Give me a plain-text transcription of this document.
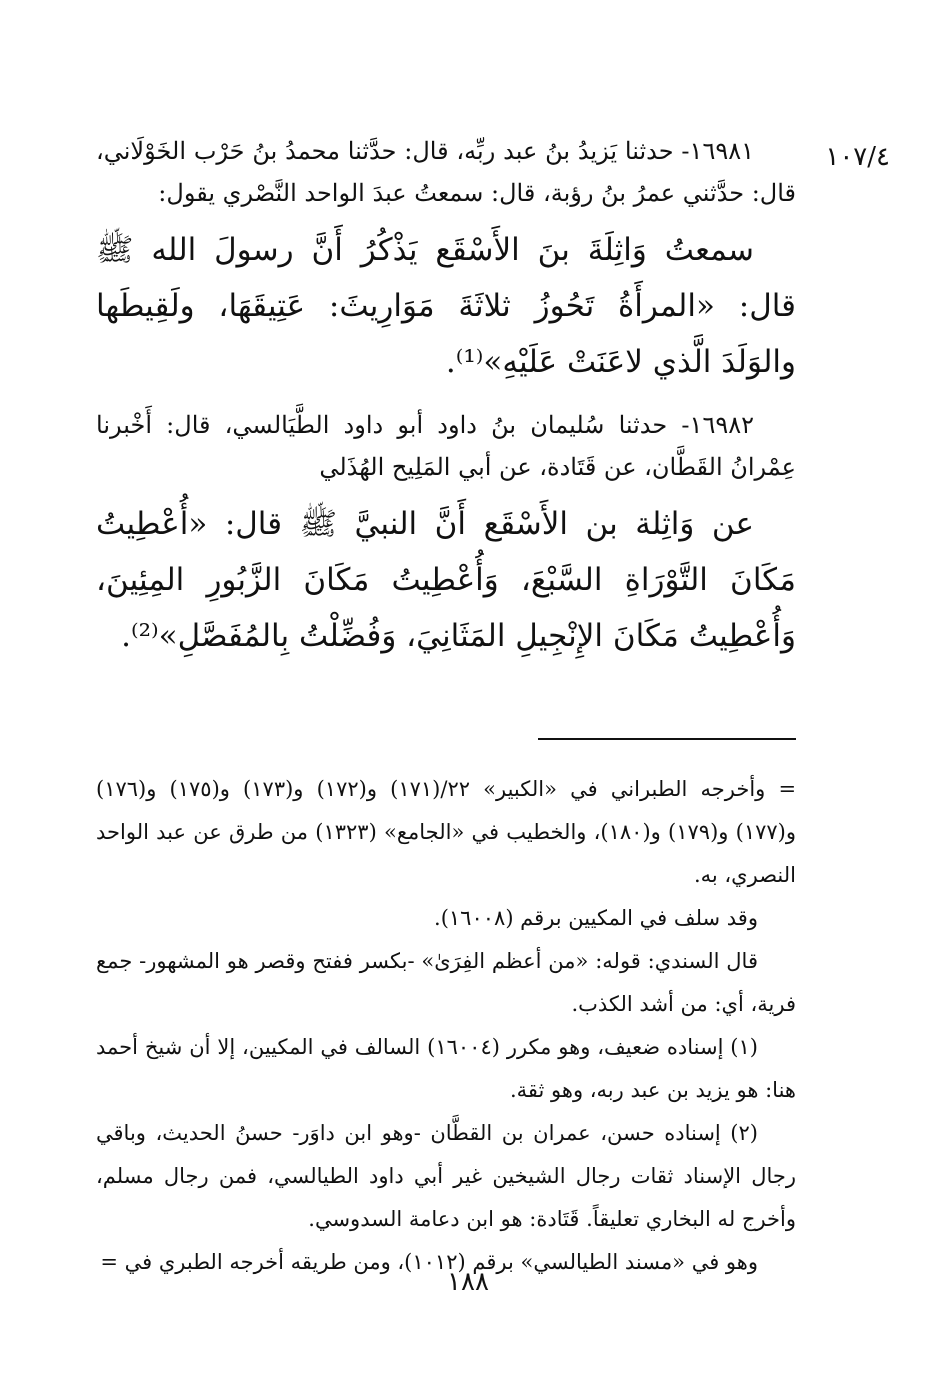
١٠٧/٤

١٦٩٨١- حدثنا يَزيدُ بنُ عبد ربِّه، قال: حدَّثنا محمدُ بنُ حَرْب الخَوْلَاني، قال: حدَّثني عمرُ بنُ رؤبة، قال: سمعتُ عبدَ الواحد النَّصْري يقول:

سمعتُ وَاثِلَةَ بنَ الأَسْقَع يَذْكُرُ أَنَّ رسولَ الله ﷺ قال: «المرأَةُ تَحُوزُ ثلاثَةَ مَوَارِيثَ: عَتِيقَهَا، ولَقِيطَها والوَلَدَ الَّذي لاعَنَتْ عَلَيْهِ»⁽¹⁾.

١٦٩٨٢- حدثنا سُليمان بنُ داود أبو داود الطَّيَالسي، قال: أَخْبرنا عِمْرانُ القَطَّان، عن قَتَادة، عن أبي المَلِيح الهُذَلي

عن وَاثِلة بن الأَسْقَع أَنَّ النبيَّ ﷺ قال: «أُعْطِيتُ مَكَانَ التَّوْرَاةِ السَّبْعَ، وَأُعْطِيتُ مَكَانَ الزَّبُورِ المِئِينَ، وَأُعْطِيتُ مَكَانَ الإِنْجِيلِ المَثَانِيَ، وَفُضِّلْتُ بِالمُفَصَّلِ»⁽²⁾.

= وأخرجه الطبراني في «الكبير» ٢٢/(١٧١) و(١٧٢) و(١٧٣) و(١٧٥) و(١٧٦) و(١٧٧) و(١٧٩) و(١٨٠)، والخطيب في «الجامع» (١٣٢٣) من طرق عن عبد الواحد النصري، به.

وقد سلف في المكيين برقم (١٦٠٠٨).

قال السندي: قوله: «من أعظم الفِرَىٰ» -بكسر ففتح وقصر هو المشهور- جمع فرية، أي: من أشد الكذب.

(١) إسناده ضعيف، وهو مكرر (١٦٠٠٤) السالف في المكيين، إلا أن شيخ أحمد هنا: هو يزيد بن عبد ربه، وهو ثقة.

(٢) إسناده حسن، عمران بن القطَّان -وهو ابن داوَر- حسنُ الحديث، وباقي رجال الإسناد ثقات رجال الشيخين غير أبي داود الطيالسي، فمن رجال مسلم، وأخرج له البخاري تعليقاً. قَتَادة: هو ابن دعامة السدوسي.

وهو في «مسند الطيالسي» برقم (١٠١٢)، ومن طريقه أخرجه الطبري في =

١٨٨
